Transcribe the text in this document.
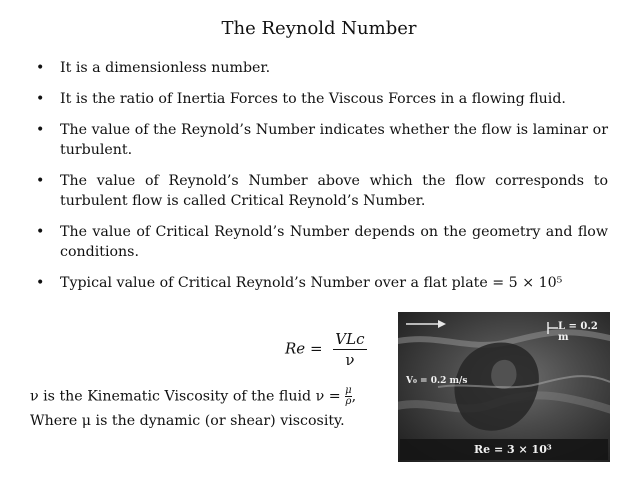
The Reynold Number
• It is a dimensionless number.
• It is the ratio of Inertia Forces to the Viscous Forces in a flowing fluid.
• The value of the Reynold’s Number indicates whether the flow is laminar or turbulent.
• The value of Reynold’s Number above which the flow corresponds to turbulent flow is called Critical Reynold’s Number.
• The value of Critical Reynold’s Number depends on the geometry and flow conditions.
• Typical value of Critical Reynold’s Number over a flat plate = 5 × 10⁵
$Re = \frac{\text{VLc}}{\nu}$
ν is the Kinematic Viscosity of the fluid $\nu = \frac{\mu}{\rho}$,
Where μ is the dynamic (or shear) viscosity.
L = 0.2 m
V₀ = 0.2 m/s
Re = 3 × 10³
